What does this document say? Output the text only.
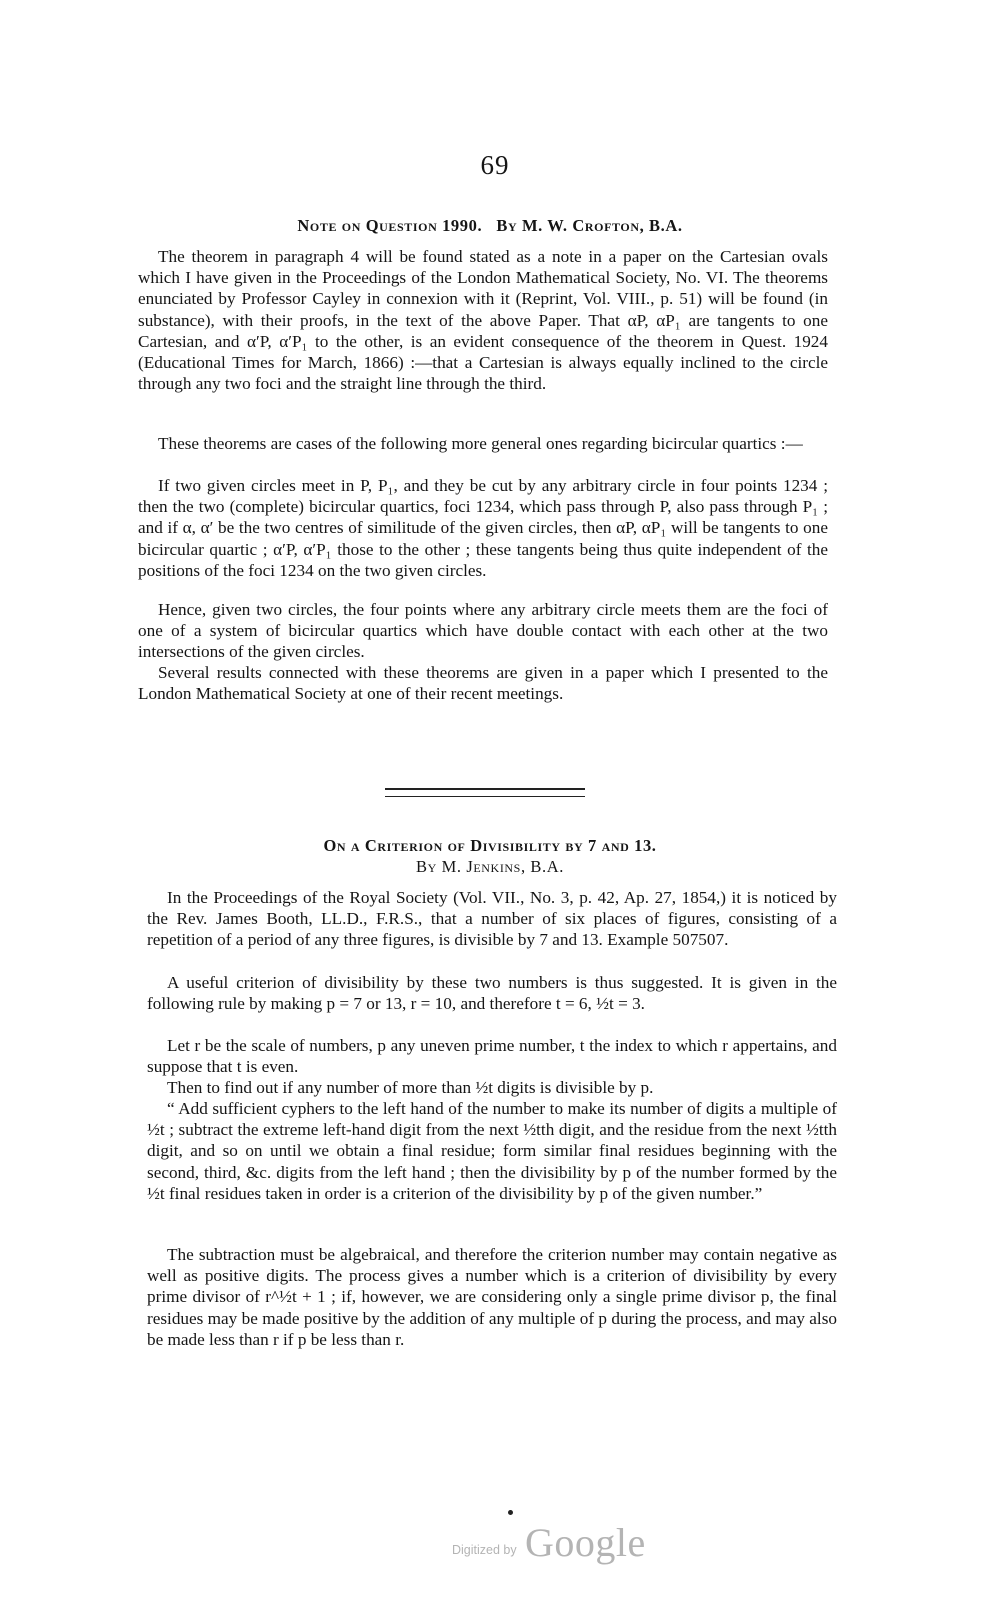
69
Note on Question 1990. By M. W. Crofton, B.A.

The theorem in paragraph 4 will be found stated as a note in a paper on the Cartesian ovals which I have given in the Proceedings of the London Mathematical Society, No. VI. The theorems enunciated by Professor Cayley in connexion with it (Reprint, Vol. VIII., p. 51) will be found (in substance), with their proofs, in the text of the above Paper. That αP, αP₁ are tangents to one Cartesian, and α′P, α′P₁ to the other, is an evident consequence of the theorem in Quest. 1924 (Educational Times for March, 1866) :—that a Cartesian is always equally inclined to the circle through any two foci and the straight line through the third.

These theorems are cases of the following more general ones regarding bicircular quartics :—

If two given circles meet in P, P₁, and they be cut by any arbitrary circle in four points 1234 ; then the two (complete) bicircular quartics, foci 1234, which pass through P, also pass through P₁ ; and if α, α′ be the two centres of similitude of the given circles, then αP, αP₁ will be tangents to one bicircular quartic ; α′P, α′P₁ those to the other ; these tangents being thus quite independent of the positions of the foci 1234 on the two given circles.

Hence, given two circles, the four points where any arbitrary circle meets them are the foci of one of a system of bicircular quartics which have double contact with each other at the two intersections of the given circles.

Several results connected with these theorems are given in a paper which I presented to the London Mathematical Society at one of their recent meetings.

On a Criterion of Divisibility by 7 and 13.
By M. Jenkins, B.A.

In the Proceedings of the Royal Society (Vol. VII., No. 3, p. 42, Ap. 27, 1854,) it is noticed by the Rev. James Booth, LL.D., F.R.S., that a number of six places of figures, consisting of a repetition of a period of any three figures, is divisible by 7 and 13. Example 507507.

A useful criterion of divisibility by these two numbers is thus suggested. It is given in the following rule by making p = 7 or 13, r = 10, and therefore t = 6, ½t = 3.

Let r be the scale of numbers, p any uneven prime number, t the index to which r appertains, and suppose that t is even.

Then to find out if any number of more than ½t digits is divisible by p.

“ Add sufficient cyphers to the left hand of the number to make its number of digits a multiple of ½t ; subtract the extreme left-hand digit from the next ½tth digit, and the residue from the next ½tth digit, and so on until we obtain a final residue; form similar final residues beginning with the second, third, &c. digits from the left hand ; then the divisibility by p of the number formed by the ½t final residues taken in order is a criterion of the divisibility by p of the given number.”

The subtraction must be algebraical, and therefore the criterion number may contain negative as well as positive digits. The process gives a number which is a criterion of divisibility by every prime divisor of r^½t + 1 ; if, however, we are considering only a single prime divisor p, the final residues may be made positive by the addition of any multiple of p during the process, and may also be made less than r if p be less than r.

Digitized by Google
